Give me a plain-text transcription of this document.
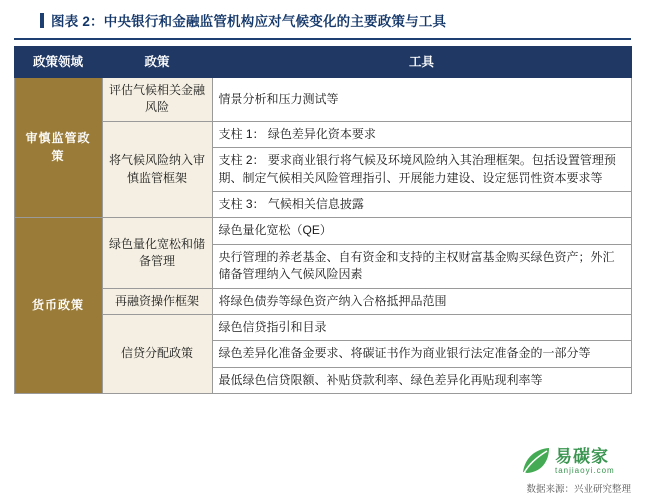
图表 2：中央银行和金融监管机构应对气候变化的主要政策与工具
政策领域	政策	工具
审慎监管政策	评估气候相关金融风险	情景分析和压力测试等
	将气候风险纳入审慎监管框架	支柱 1： 绿色差异化资本要求
		支柱 2： 要求商业银行将气候及环境风险纳入其治理框架。包括设置管理预期、制定气候相关风险管理指引、开展能力建设、设定惩罚性资本要求等
		支柱 3： 气候相关信息披露
货币政策	绿色量化宽松和储备管理	绿色量化宽松（QE）
		央行管理的养老基金、自有资金和支持的主权财富基金购买绿色资产；外汇储备管理纳入气候风险因素
	再融资操作框架	将绿色债券等绿色资产纳入合格抵押品范围
	信贷分配政策	绿色信贷指引和目录
		绿色差异化准备金要求、将碳证书作为商业银行法定准备金的一部分等
		最低绿色信贷限额、补贴贷款利率、绿色差异化再贴现利率等
易碳家
tanjiaoyi.com
数据来源：兴业研究整理
